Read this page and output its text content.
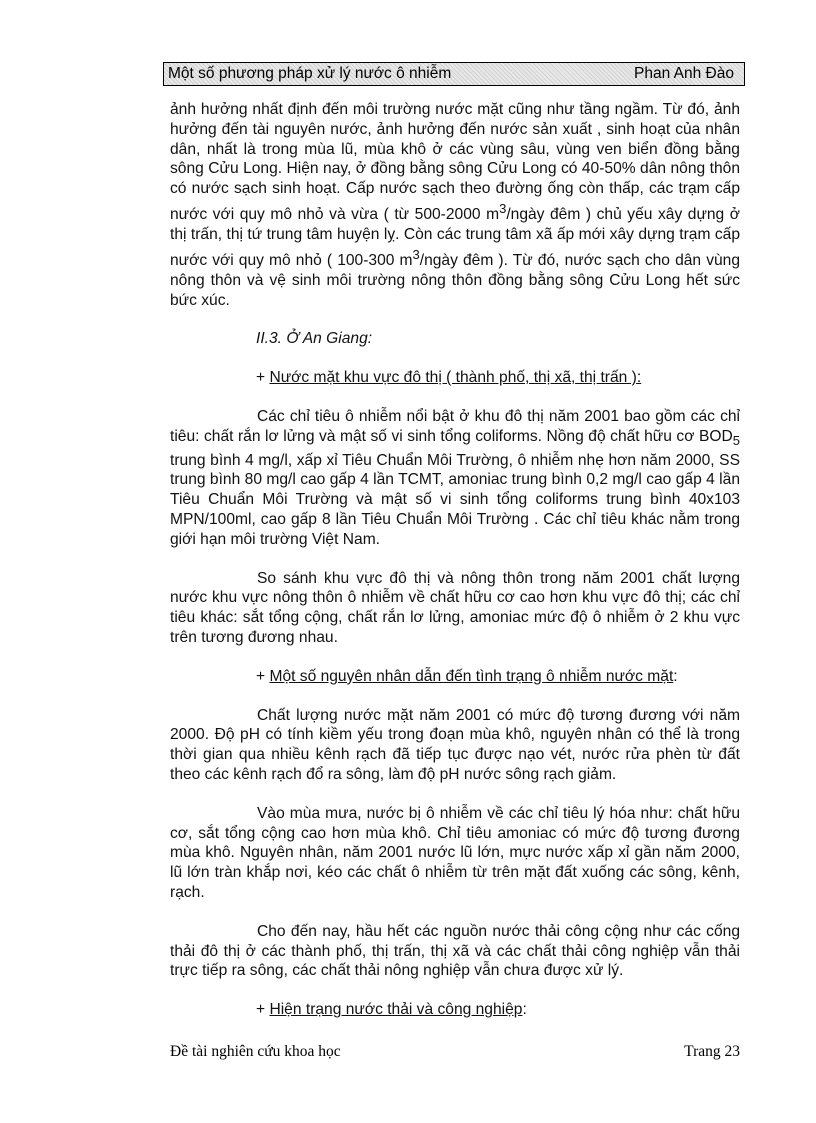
Một số phương pháp xử lý nước ô nhiễm	Phan Anh Đào

ảnh hưởng nhất định đến môi trường nước mặt cũng như tầng ngầm. Từ đó, ảnh hưởng đến tài nguyên nước, ảnh hưởng đến nước sản xuất , sinh hoạt của nhân dân, nhất là trong mùa lũ, mùa khô ở các vùng sâu, vùng ven biển đồng bằng sông Cửu Long. Hiện nay, ở đồng bằng sông Cửu Long có 40-50% dân nông thôn có nước sạch sinh hoạt. Cấp nước sạch theo đường ống còn thấp, các trạm cấp nước với quy mô nhỏ và vừa ( từ 500-2000 $m^3$/ngày đêm ) chủ yếu xây dựng ở thị trấn, thị tứ trung tâm huyện lỵ. Còn các trung tâm xã ấp mới xây dựng trạm cấp nước với quy mô nhỏ ( 100-300 $m^3$/ngày đêm ). Từ đó, nước sạch cho dân vùng nông thôn và vệ sinh môi trường nông thôn đồng bằng sông Cửu Long hết sức bức xúc.

II.3. Ở An Giang:

+ Nước mặt khu vực đô thị ( thành phố, thị xã, thị trấn ):

Các chỉ tiêu ô nhiễm nổi bật ở khu đô thị năm 2001 bao gồm các chỉ tiêu: chất rắn lơ lửng và mật số vi sinh tổng coliforms. Nồng độ chất hữu cơ $BOD_5$ trung bình 4 mg/l, xấp xỉ Tiêu Chuẩn Môi Trường, ô nhiễm nhẹ hơn năm 2000, SS trung bình 80 mg/l cao gấp 4 lần TCMT, amoniac trung bình 0,2 mg/l cao gấp 4 lần Tiêu Chuẩn Môi Trường và mật số vi sinh tổng coliforms trung bình 40x103 MPN/100ml, cao gấp 8 lần Tiêu Chuẩn Môi Trường . Các chỉ tiêu khác nằm trong giới hạn môi trường Việt Nam.

So sánh khu vực đô thị và nông thôn trong năm 2001 chất lượng nước khu vực nông thôn ô nhiễm về chất hữu cơ cao hơn khu vực đô thị; các chỉ tiêu khác: sắt tổng cộng, chất rắn lơ lửng, amoniac mức độ ô nhiễm ở 2 khu vực trên tương đương nhau.

+ Một số nguyên nhân dẫn đến tình trạng ô nhiễm nước mặt:

Chất lượng nước mặt năm 2001 có mức độ tương đương với năm 2000. Độ pH có tính kiềm yếu trong đoạn mùa khô, nguyên nhân có thể là trong thời gian qua nhiều kênh rạch đã tiếp tục được nạo vét, nước rửa phèn từ đất theo các kênh rạch đổ ra sông, làm độ pH nước sông rạch giảm.

Vào mùa mưa, nước bị ô nhiễm về các chỉ tiêu lý hóa như: chất hữu cơ, sắt tổng cộng cao hơn mùa khô. Chỉ tiêu amoniac có mức độ tương đương mùa khô. Nguyên nhân, năm 2001 nước lũ lớn, mực nước xấp xỉ gần năm 2000, lũ lớn tràn khắp nơi, kéo các chất ô nhiễm từ trên mặt đất xuống các sông, kênh, rạch.

Cho đến nay, hầu hết các nguồn nước thải công cộng như các cống thải đô thị ở các thành phố, thị trấn, thị xã và các chất thải công nghiệp vẫn thải trực tiếp ra sông, các chất thải nông nghiệp vẫn chưa được xử lý.

+ Hiện trạng nước thải và công nghiệp:

Đề tài nghiên cứu khoa học	Trang 23
